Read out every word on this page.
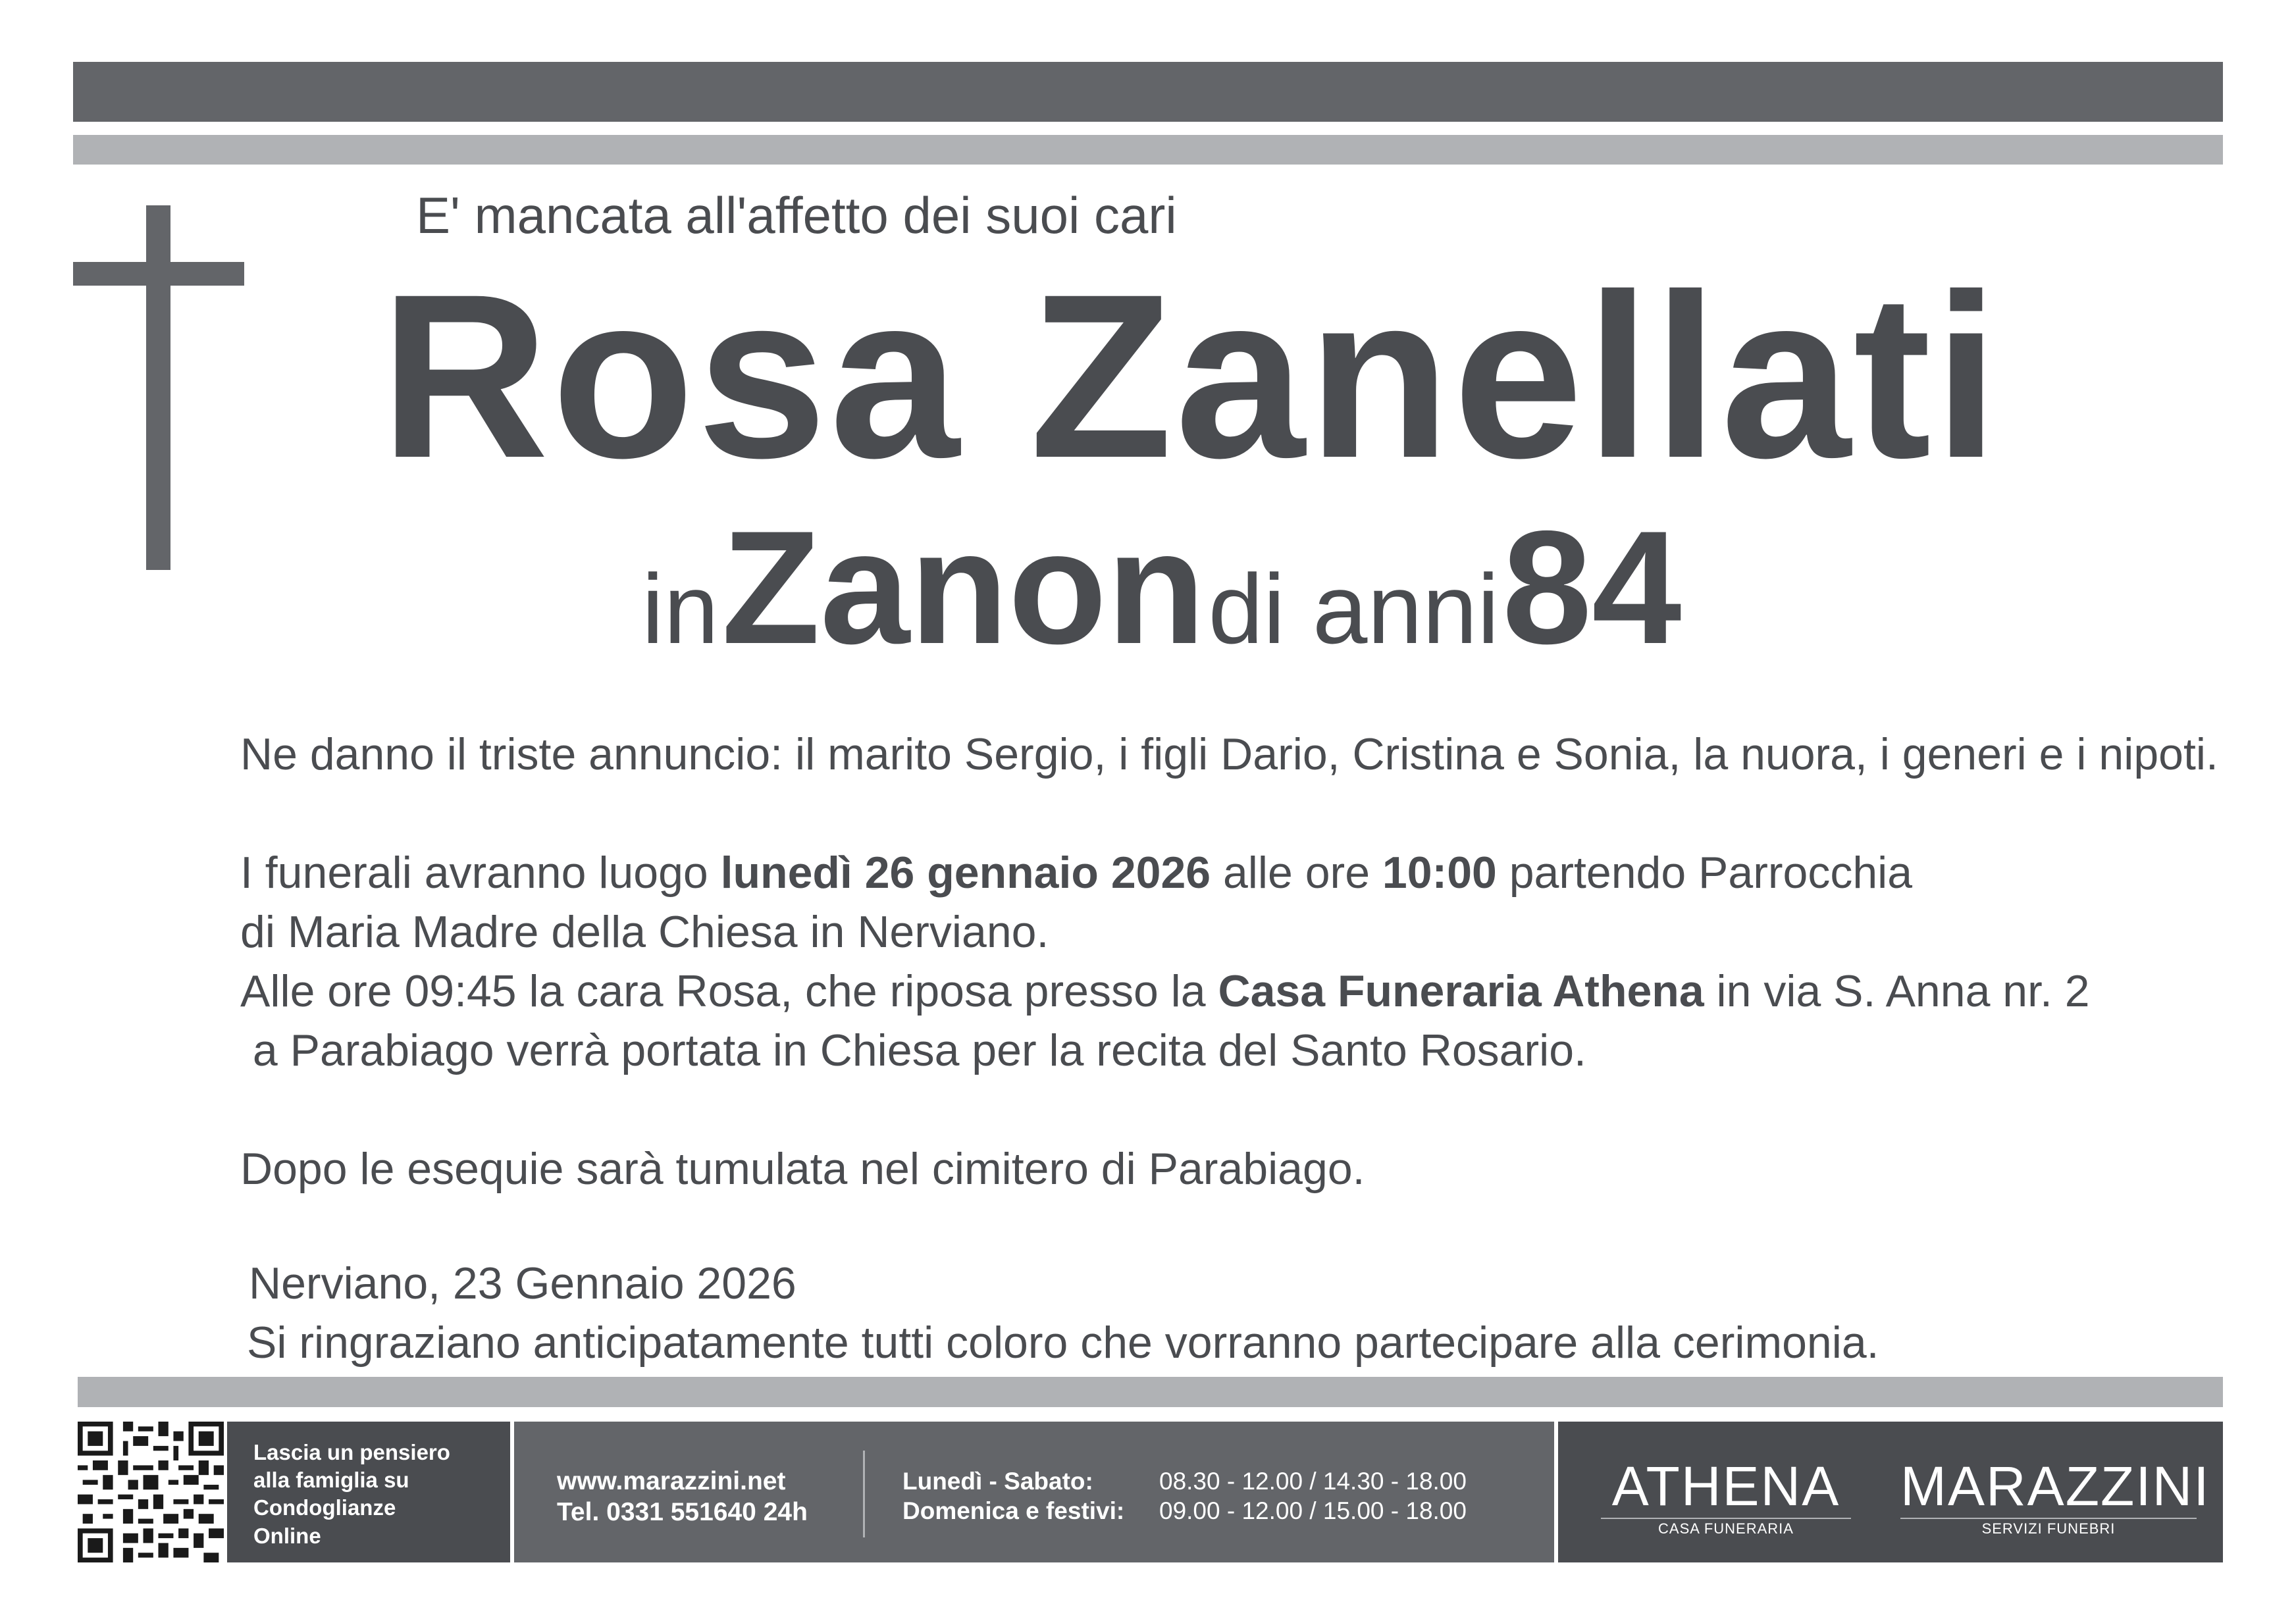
E' mancata all'affetto dei suoi cari
Rosa Zanellati
in Zanon di anni 84
Ne danno il triste annuncio: il marito Sergio, i figli Dario, Cristina e Sonia, la nuora, i generi e i nipoti.
I funerali avranno luogo lunedì 26 gennaio 2026 alle ore 10:00 partendo Parrocchia
di Maria Madre della Chiesa in Nerviano.
Alle ore 09:45 la cara Rosa, che riposa presso la Casa Funeraria Athena in via S. Anna nr. 2
a Parabiago verrà portata in Chiesa per la recita del Santo Rosario.
Dopo le esequie sarà tumulata nel cimitero di Parabiago.
Nerviano, 23 Gennaio 2026
Si ringraziano anticipatamente tutti coloro che vorranno partecipare alla cerimonia.
Lascia un pensiero
alla famiglia su
Condoglianze
Online
www.marazzini.net
Tel. 0331 551640 24h
Lunedì - Sabato:
Domenica e festivi:
08.30 - 12.00 / 14.30 - 18.00
09.00 - 12.00 / 15.00 - 18.00	ATHENA
CASA FUNERARIA
MARAZZINI
SERVIZI FUNEBRI
